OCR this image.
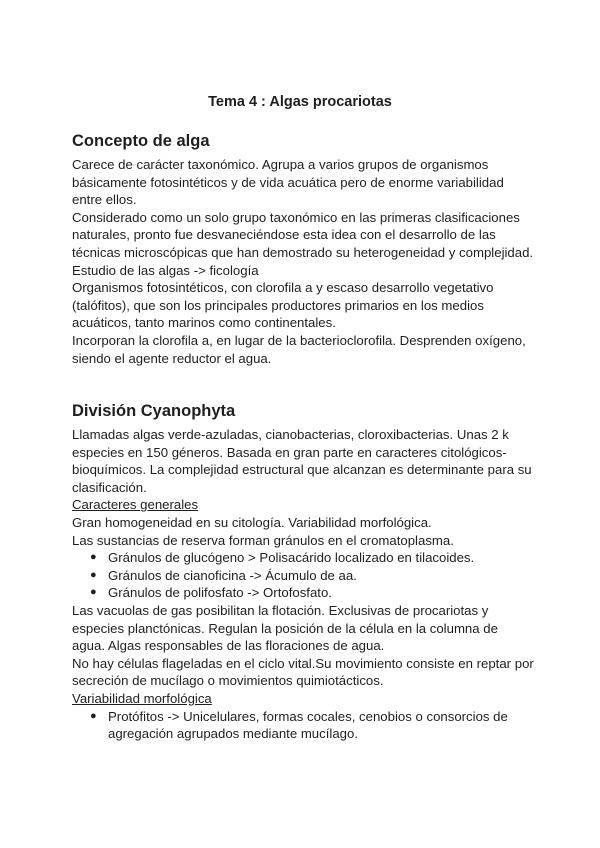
Tema 4 : Algas procariotas
Concepto de alga

Carece de carácter taxonómico. Agrupa a varios grupos de organismos básicamente fotosintéticos y de vida acuática pero de enorme variabilidad entre ellos.

Considerado como un solo grupo taxonómico en las primeras clasificaciones naturales, pronto fue desvaneciéndose esta idea con el desarrollo de las técnicas microscópicas que han demostrado su heterogeneidad y complejidad.

Estudio de las algas -> ficología

Organismos fotosintéticos, con clorofila a y escaso desarrollo vegetativo (talófitos), que son los principales productores primarios en los medios acuáticos, tanto marinos como continentales.

Incorporan la clorofila a, en lugar de la bacterioclorofila. Desprenden oxígeno, siendo el agente reductor el agua.

División Cyanophyta

Llamadas algas verde-azuladas, cianobacterias, cloroxibacterias. Unas 2 k especies en 150 géneros. Basada en gran parte en caracteres citológicos-bioquímicos. La complejidad estructural que alcanzan es determinante para su clasificación.

Caracteres generales

Gran homogeneidad en su citología. Variabilidad morfológica.

Las sustancias de reserva forman gránulos en el cromatoplasma.

● Gránulos de glucógeno > Polisacárido localizado en tilacoides.
● Gránulos de cianoficina -> Ácumulo de aa.
● Gránulos de polifosfato -> Ortofosfato.

Las vacuolas de gas posibilitan la flotación. Exclusivas de procariotas y especies planctónicas. Regulan la posición de la célula en la columna de agua. Algas responsables de las floraciones de agua.

No hay células flageladas en el ciclo vital.Su movimiento consiste en reptar por secreción de mucílago o movimientos quimiotácticos.

Variabilidad morfológica

● Protófitos -> Unicelulares, formas cocales, cenobios o consorcios de agregación agrupados mediante mucílago.
